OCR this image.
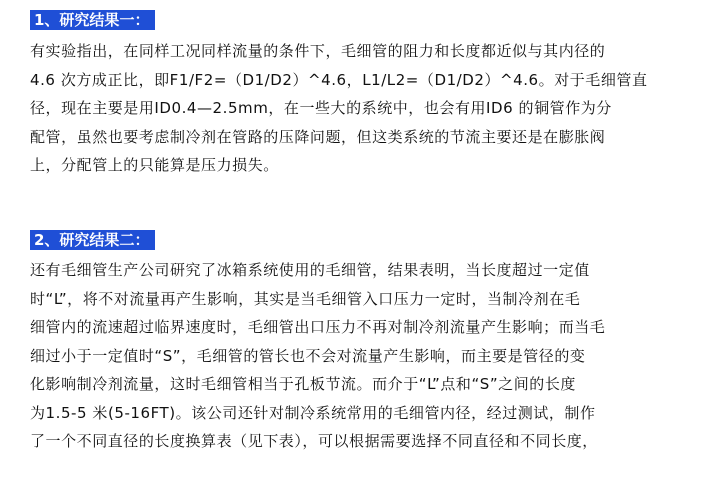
1、研究结果一：

有实验指出，在同样工况同样流量的条件下，毛细管的阻力和长度都近似与其内径的
4.6 次方成正比，即F1/F2=（D1/D2）^4.6，L1/L2=（D1/D2）^4.6。对于毛细管直
径，现在主要是用ID0.4—2.5mm，在一些大的系统中，也会有用ID6 的铜管作为分
配管，虽然也要考虑制冷剂在管路的压降问题，但这类系统的节流主要还是在膨胀阀
上，分配管上的只能算是压力损失。

2、研究结果二：

还有毛细管生产公司研究了冰箱系统使用的毛细管，结果表明，当长度超过一定值
时“L”，将不对流量再产生影响，其实是当毛细管入口压力一定时，当制冷剂在毛
细管内的流速超过临界速度时，毛细管出口压力不再对制冷剂流量产生影响；而当毛
细过小于一定值时“S”，毛细管的管长也不会对流量产生影响，而主要是管径的变
化影响制冷剂流量，这时毛细管相当于孔板节流。而介于“L”点和“S”之间的长度
为1.5-5 米(5-16FT)。该公司还针对制冷系统常用的毛细管内径，经过测试，制作
了一个不同直径的长度换算表（见下表），可以根据需要选择不同直径和不同长度，
